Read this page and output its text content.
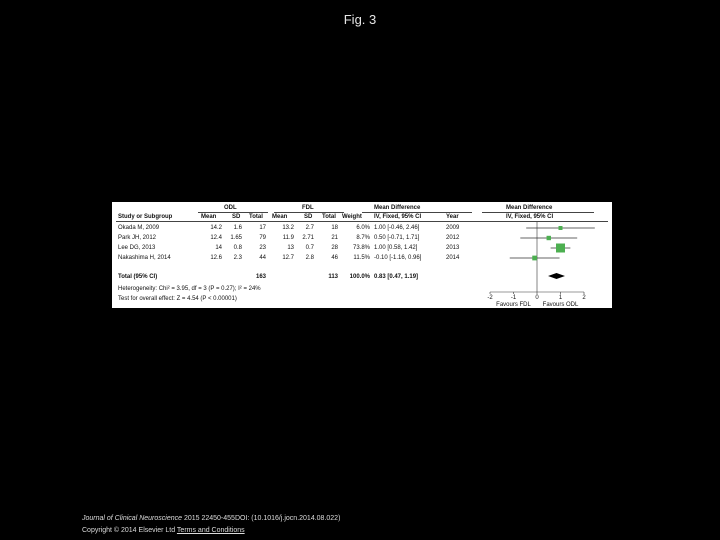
Fig. 3
ODL	FDL	Mean Difference	Mean Difference
Study or Subgroup	Mean	SD Total Mean	SD Total Weight IV, Fixed, 95% CI	Year	IV, Fixed, 95% CI
Okada M, 2009	14.2	1.6	17	13.2	2.7	18	6.0% 1.00 [-0.46, 2.46]	2009
Park JH, 2012	12.4	1.65	79	11.9	2.71	21	8.7% 0.50 [-0.71, 1.71]	2012
Lee DG, 2013	14	0.8	23	13	0.7	28	73.8% 1.00 [0.58, 1.42]	2013
Nakashima H, 2014	12.6	2.3	44	12.7	2.8	46	11.5% -0.10 [-1.16, 0.96]	2014
Total (95% CI)	163	113	100.0% 0.83 [0.47, 1.19]
Heterogeneity: Chi² = 3.95, df = 3 (P = 0.27); I² = 24%
Test for overall effect: Z = 4.54 (P < 0.00001)	-2	-1	0	1	2
Favours FDL Favours ODL
Journal of Clinical Neuroscience 2015 22450-455DOI: (10.1016/j.jocn.2014.08.022)
Copyright © 2014 Elsevier Ltd Terms and Conditions
